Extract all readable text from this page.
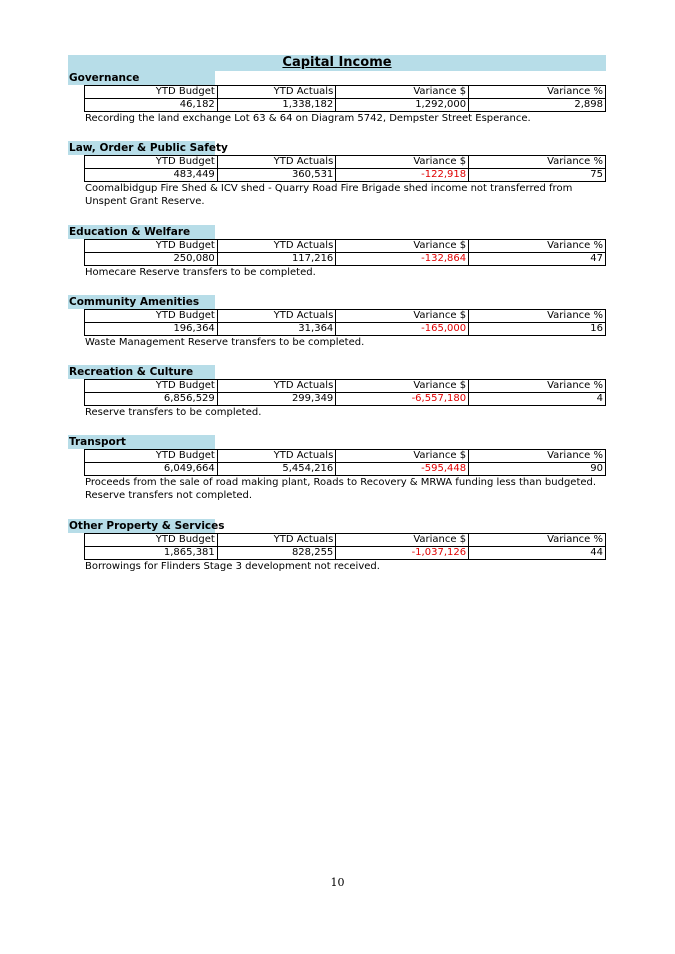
Capital Income
Governance
YTD Budget	YTD Actuals	Variance $	Variance %
46,182	1,338,182	1,292,000	2,898
Recording the land exchange Lot 63 & 64 on Diagram 5742, Dempster Street Esperance.
Law, Order & Public Safety
YTD Budget	YTD Actuals	Variance $	Variance %
483,449	360,531	-122,918	75
Coomalbidgup Fire Shed & ICV shed - Quarry Road Fire Brigade shed income not transferred from Unspent Grant Reserve.
Education & Welfare
YTD Budget	YTD Actuals	Variance $	Variance %
250,080	117,216	-132,864	47
Homecare Reserve transfers to be completed.
Community Amenities
YTD Budget	YTD Actuals	Variance $	Variance %
196,364	31,364	-165,000	16
Waste Management Reserve transfers to be completed.
Recreation & Culture
YTD Budget	YTD Actuals	Variance $	Variance %
6,856,529	299,349	-6,557,180	4
Reserve transfers to be completed.
Transport
YTD Budget	YTD Actuals	Variance $	Variance %
6,049,664	5,454,216	-595,448	90
Proceeds from the sale of road making plant, Roads to Recovery & MRWA funding less than budgeted. Reserve transfers not completed.
Other Property & Services
YTD Budget	YTD Actuals	Variance $	Variance %
1,865,381	828,255	-1,037,126	44
Borrowings for Flinders Stage 3 development not received.
10
